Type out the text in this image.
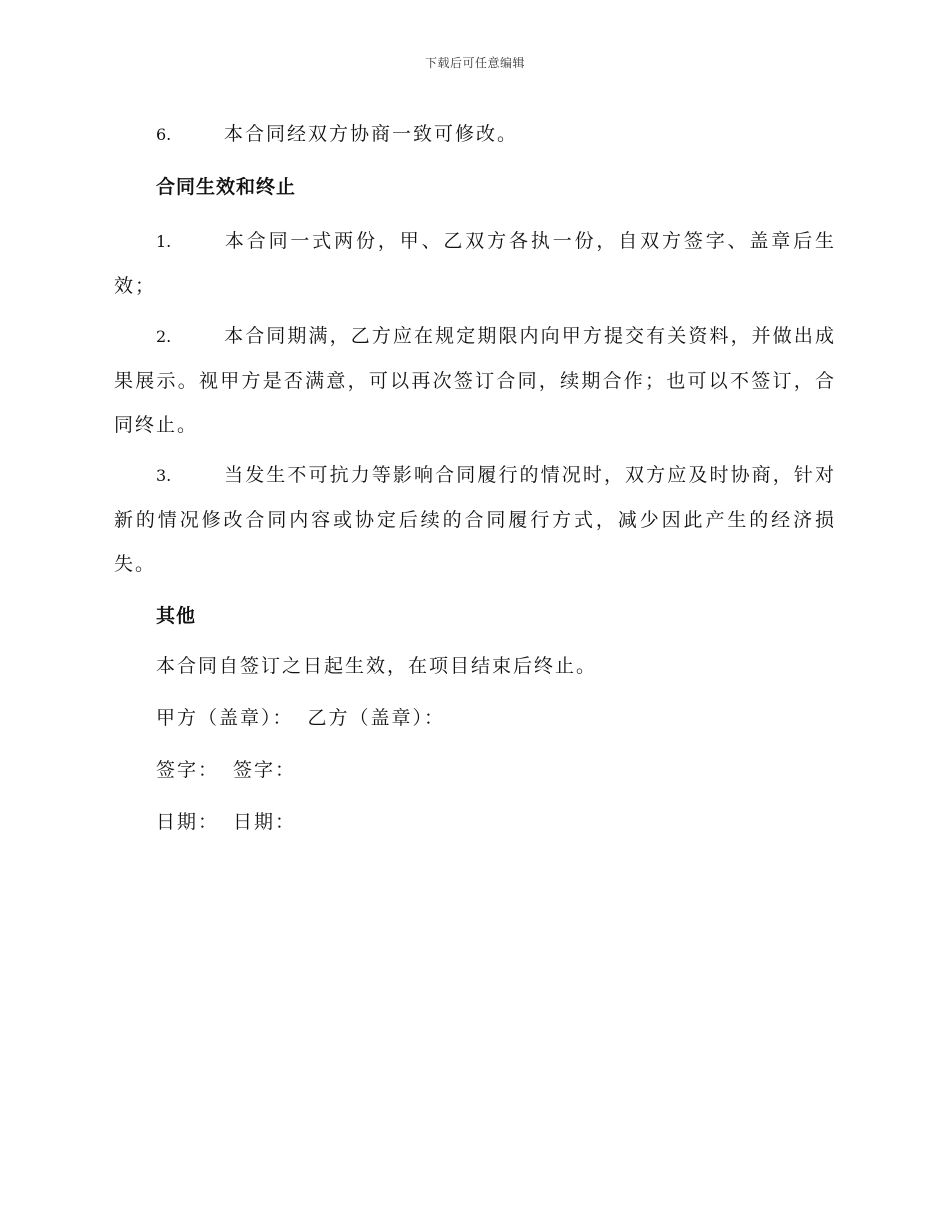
下载后可任意编辑

6.	本合同经双方协商一致可修改。

合同生效和终止

1.	本合同一式两份，甲、乙双方各执一份，自双方签字、盖章后生效；

2.	本合同期满，乙方应在规定期限内向甲方提交有关资料，并做出成果展示。视甲方是否满意，可以再次签订合同，续期合作；也可以不签订，合同终止。

3.	当发生不可抗力等影响合同履行的情况时，双方应及时协商，针对新的情况修改合同内容或协定后续的合同履行方式，减少因此产生的经济损失。

其他

本合同自签订之日起生效，在项目结束后终止。

甲方（盖章）： 乙方（盖章）：

签字： 签字：

日期： 日期：
